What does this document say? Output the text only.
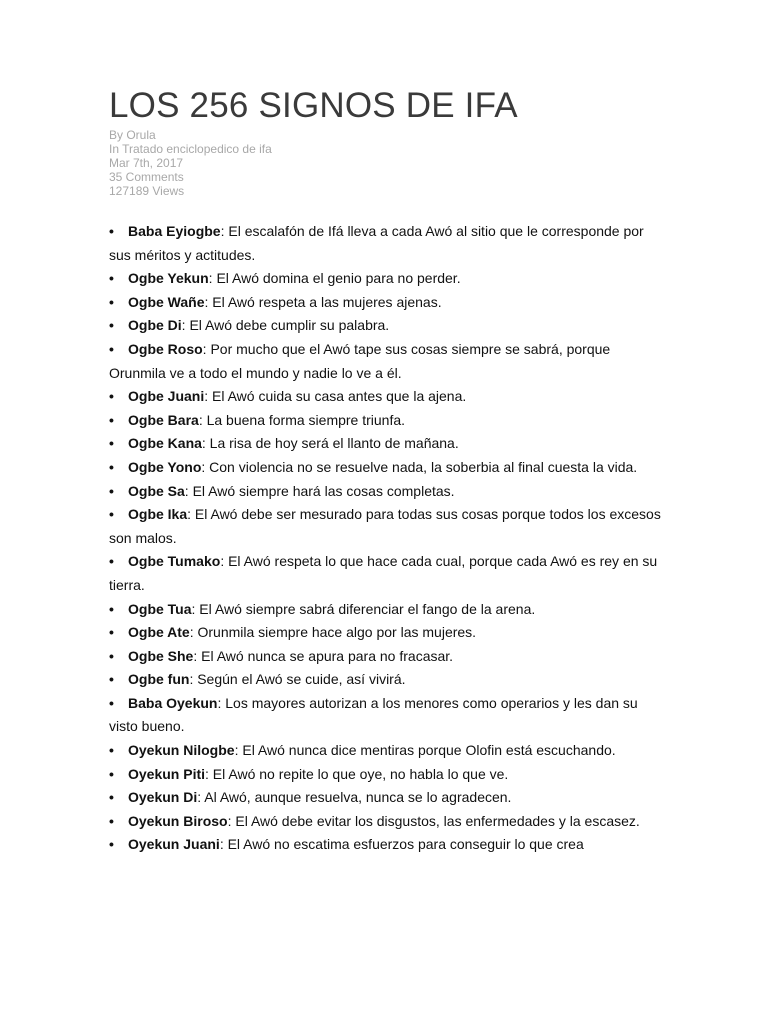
LOS 256 SIGNOS DE IFA
By Orula
In Tratado enciclopedico de ifa
Mar 7th, 2017
35 Comments
127189 Views

• Baba Eyiogbe: El escalafón de Ifá lleva a cada Awó al sitio que le corresponde por sus méritos y actitudes.

• Ogbe Yekun: El Awó domina el genio para no perder.

• Ogbe Wañe: El Awó respeta a las mujeres ajenas.

• Ogbe Di: El Awó debe cumplir su palabra.

• Ogbe Roso: Por mucho que el Awó tape sus cosas siempre se sabrá, porque Orunmila ve a todo el mundo y nadie lo ve a él.

• Ogbe Juani: El Awó cuida su casa antes que la ajena.

• Ogbe Bara: La buena forma siempre triunfa.

• Ogbe Kana: La risa de hoy será el llanto de mañana.

• Ogbe Yono: Con violencia no se resuelve nada, la soberbia al final cuesta la vida.

• Ogbe Sa: El Awó siempre hará las cosas completas.

• Ogbe Ika: El Awó debe ser mesurado para todas sus cosas porque todos los excesos son malos.

• Ogbe Tumako: El Awó respeta lo que hace cada cual, porque cada Awó es rey en su tierra.

• Ogbe Tua: El Awó siempre sabrá diferenciar el fango de la arena.

• Ogbe Ate: Orunmila siempre hace algo por las mujeres.

• Ogbe She: El Awó nunca se apura para no fracasar.

• Ogbe fun: Según el Awó se cuide, así vivirá.

• Baba Oyekun: Los mayores autorizan a los menores como operarios y les dan su visto bueno.

• Oyekun Nilogbe: El Awó nunca dice mentiras porque Olofin está escuchando.

• Oyekun Piti: El Awó no repite lo que oye, no habla lo que ve.

• Oyekun Di: Al Awó, aunque resuelva, nunca se lo agradecen.

• Oyekun Biroso: El Awó debe evitar los disgustos, las enfermedades y la escasez.

• Oyekun Juani: El Awó no escatima esfuerzos para conseguir lo que crea
